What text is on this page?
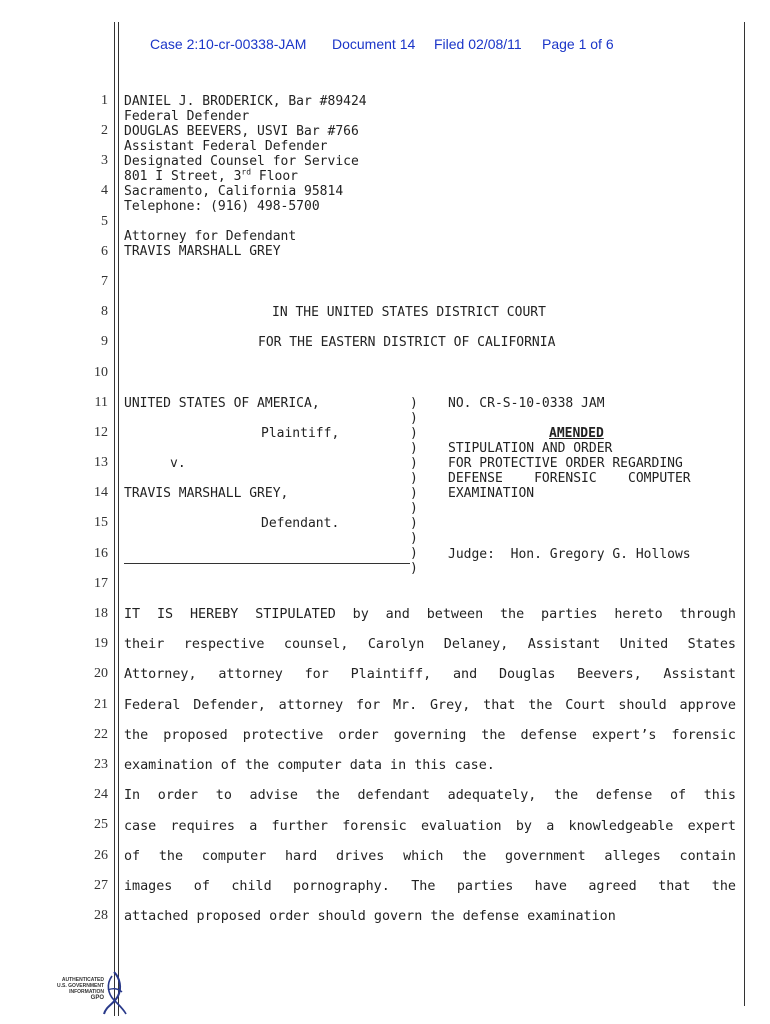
Case 2:10-cr-00338-JAM

Document 14

Filed 02/08/11

Page 1 of 6

1
2
3
4
5
6
7
8
9
10
11
12
13
14
15
16
17
18
19
20
21
22
23
24
25
26
27
28
DANIEL J. BRODERICK, Bar #89424
Federal Defender
DOUGLAS BEEVERS, USVI Bar #766
Assistant Federal Defender
Designated Counsel for Service
801 I Street, 3rd Floor
Sacramento, California 95814
Telephone: (916) 498-5700
Attorney for Defendant
TRAVIS MARSHALL GREY
IN THE UNITED STATES DISTRICT COURT
FOR THE EASTERN DISTRICT OF CALIFORNIA
UNITED STATES OF AMERICA,
Plaintiff,
v.
TRAVIS MARSHALL GREY,
Defendant.
)
)
)
)
)
)
)
)
)
)
)
)
NO. CR-S-10-0338 JAM
AMENDED
STIPULATION AND ORDER
FOR PROTECTIVE ORDER REGARDING
DEFENSE    FORENSIC    COMPUTER
EXAMINATION
Judge:  Hon. Gregory G. Hollows
IT IS HEREBY STIPULATED by and between the parties hereto through
their respective counsel, Carolyn Delaney, Assistant United States
Attorney, attorney for Plaintiff, and Douglas Beevers, Assistant
Federal Defender, attorney for Mr. Grey, that the Court should approve
the proposed protective order governing the defense expert’s forensic
examination of the computer data in this case.
In order to advise the defendant adequately, the defense of this
case requires a further forensic evaluation by a knowledgeable expert
of the computer hard drives which the government alleges contain
images of child pornography. The parties have agreed that the
attached proposed order should govern the defense examination
AUTHENTICATED
U.S. GOVERNMENT
INFORMATION
GPO
